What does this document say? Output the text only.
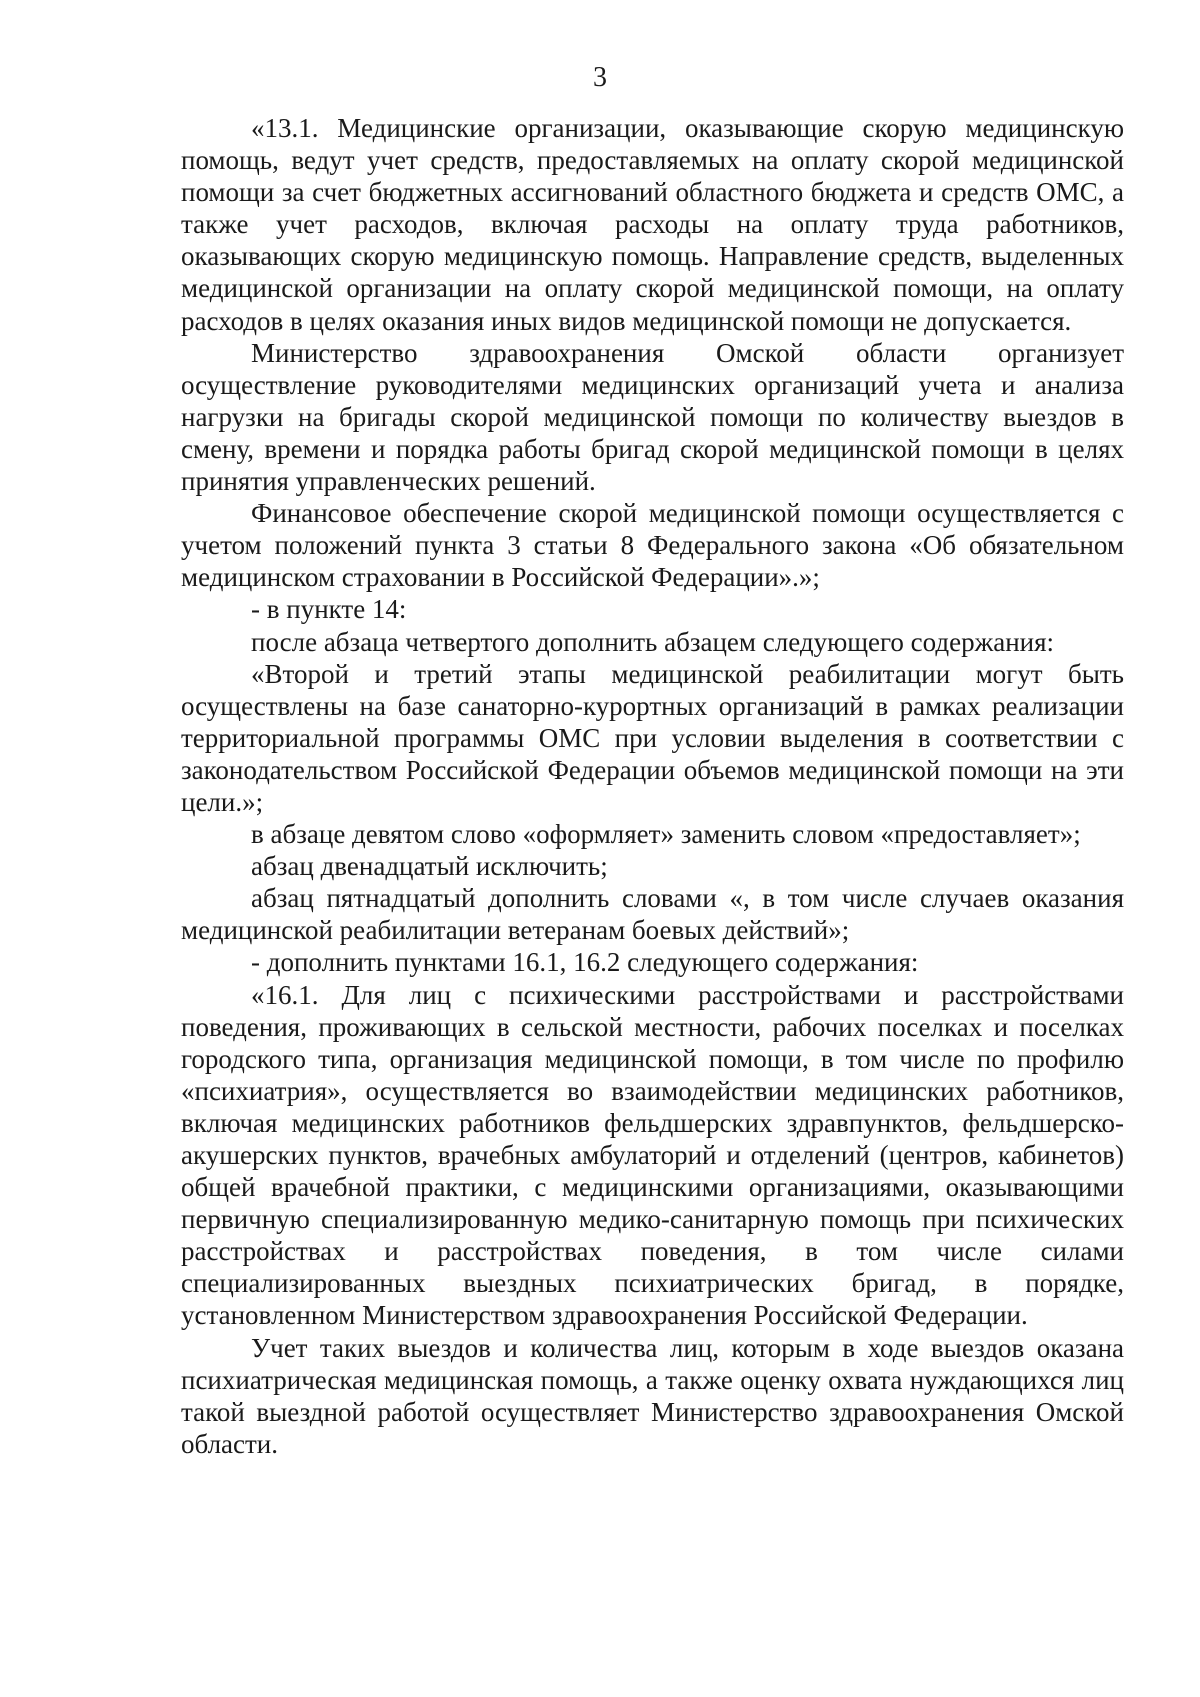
3

«13.1. Медицинские организации, оказывающие скорую медицинскую помощь, ведут учет средств, предоставляемых на оплату скорой медицинской помощи за счет бюджетных ассигнований областного бюджета и средств ОМС, а также учет расходов, включая расходы на оплату труда работников, оказывающих скорую медицинскую помощь. Направление средств, выделенных медицинской организации на оплату скорой медицинской помощи, на оплату расходов в целях оказания иных видов медицинской помощи не допускается.

Министерство здравоохранения Омской области организует осуществление руководителями медицинских организаций учета и анализа нагрузки на бригады скорой медицинской помощи по количеству выездов в смену, времени и порядка работы бригад скорой медицинской помощи в целях принятия управленческих решений.

Финансовое обеспечение скорой медицинской помощи осуществляется с учетом положений пункта 3 статьи 8 Федерального закона «Об обязательном медицинском страховании в Российской Федерации».»;

- в пункте 14:

после абзаца четвертого дополнить абзацем следующего содержания:

«Второй и третий этапы медицинской реабилитации могут быть осуществлены на базе санаторно-курортных организаций в рамках реализации территориальной программы ОМС при условии выделения в соответствии с законодательством Российской Федерации объемов медицинской помощи на эти цели.»;

в абзаце девятом слово «оформляет» заменить словом «предоставляет»;

абзац двенадцатый исключить;

абзац пятнадцатый дополнить словами «, в том числе случаев оказания медицинской реабилитации ветеранам боевых действий»;

- дополнить пунктами 16.1, 16.2 следующего содержания:

«16.1. Для лиц с психическими расстройствами и расстройствами поведения, проживающих в сельской местности, рабочих поселках и поселках городского типа, организация медицинской помощи, в том числе по профилю «психиатрия», осуществляется во взаимодействии медицинских работников, включая медицинских работников фельдшерских здравпунктов, фельдшерско-акушерских пунктов, врачебных амбулаторий и отделений (центров, кабинетов) общей врачебной практики, с медицинскими организациями, оказывающими первичную специализированную медико-санитарную помощь при психических расстройствах и расстройствах поведения, в том числе силами специализированных выездных психиатрических бригад, в порядке, установленном Министерством здравоохранения Российской Федерации.

Учет таких выездов и количества лиц, которым в ходе выездов оказана психиатрическая медицинская помощь, а также оценку охвата нуждающихся лиц такой выездной работой осуществляет Министерство здравоохранения Омской области.
